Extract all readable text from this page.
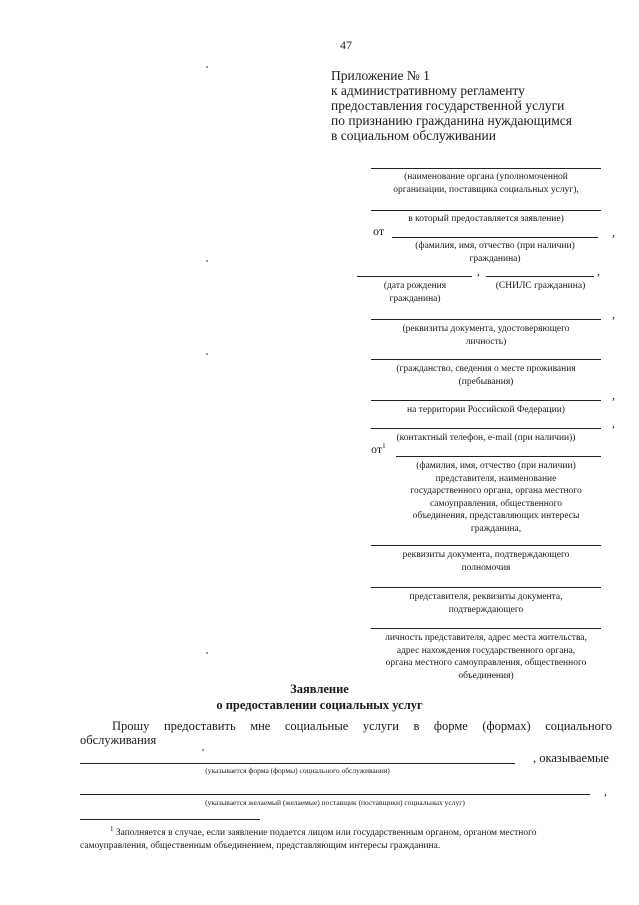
47
Приложение № 1
к административному регламенту
предоставления государственной услуги
по признанию гражданина нуждающимся
в социальном обслуживании
(наименование органа (уполномоченной
организации, поставщика социальных услуг),
в который предоставляется заявление)
от	,
(фамилия, имя, отчество (при наличии)
гражданина)
,	,
(дата рождения
гражданина)
(СНИЛС гражданина)
,
(реквизиты документа, удостоверяющего
личность)
(гражданство, сведения о месте проживания
(пребывания)
,
на территории Российской Федерации)
,
(контактный телефон, e-mail (при наличии))
$от^1$
(фамилия, имя, отчество (при наличии)
представителя, наименование
государственного органа, органа местного
самоуправления, общественного
объединения, представляющих интересы
гражданина,
реквизиты документа, подтверждающего
полномочия
представителя, реквизиты документа,
подтверждающего
личность представителя, адрес места жительства,
адрес нахождения государственного органа,
органа местного самоуправления, общественного
объединения)
Заявление
о предоставлении социальных услуг
Прошу предоставить мне социальные услуги в форме (формах) социального
обслуживания
, оказываемые
(указывается форма (формы) социального обслуживания)
,
(указывается желаемый (желаемые) поставщик (поставщики) социальных услуг)
$^1$ Заполняется в случае, если заявление подается лицом или государственным органом, органом местного самоуправления, общественным объединением, представляющим интересы гражданина.
